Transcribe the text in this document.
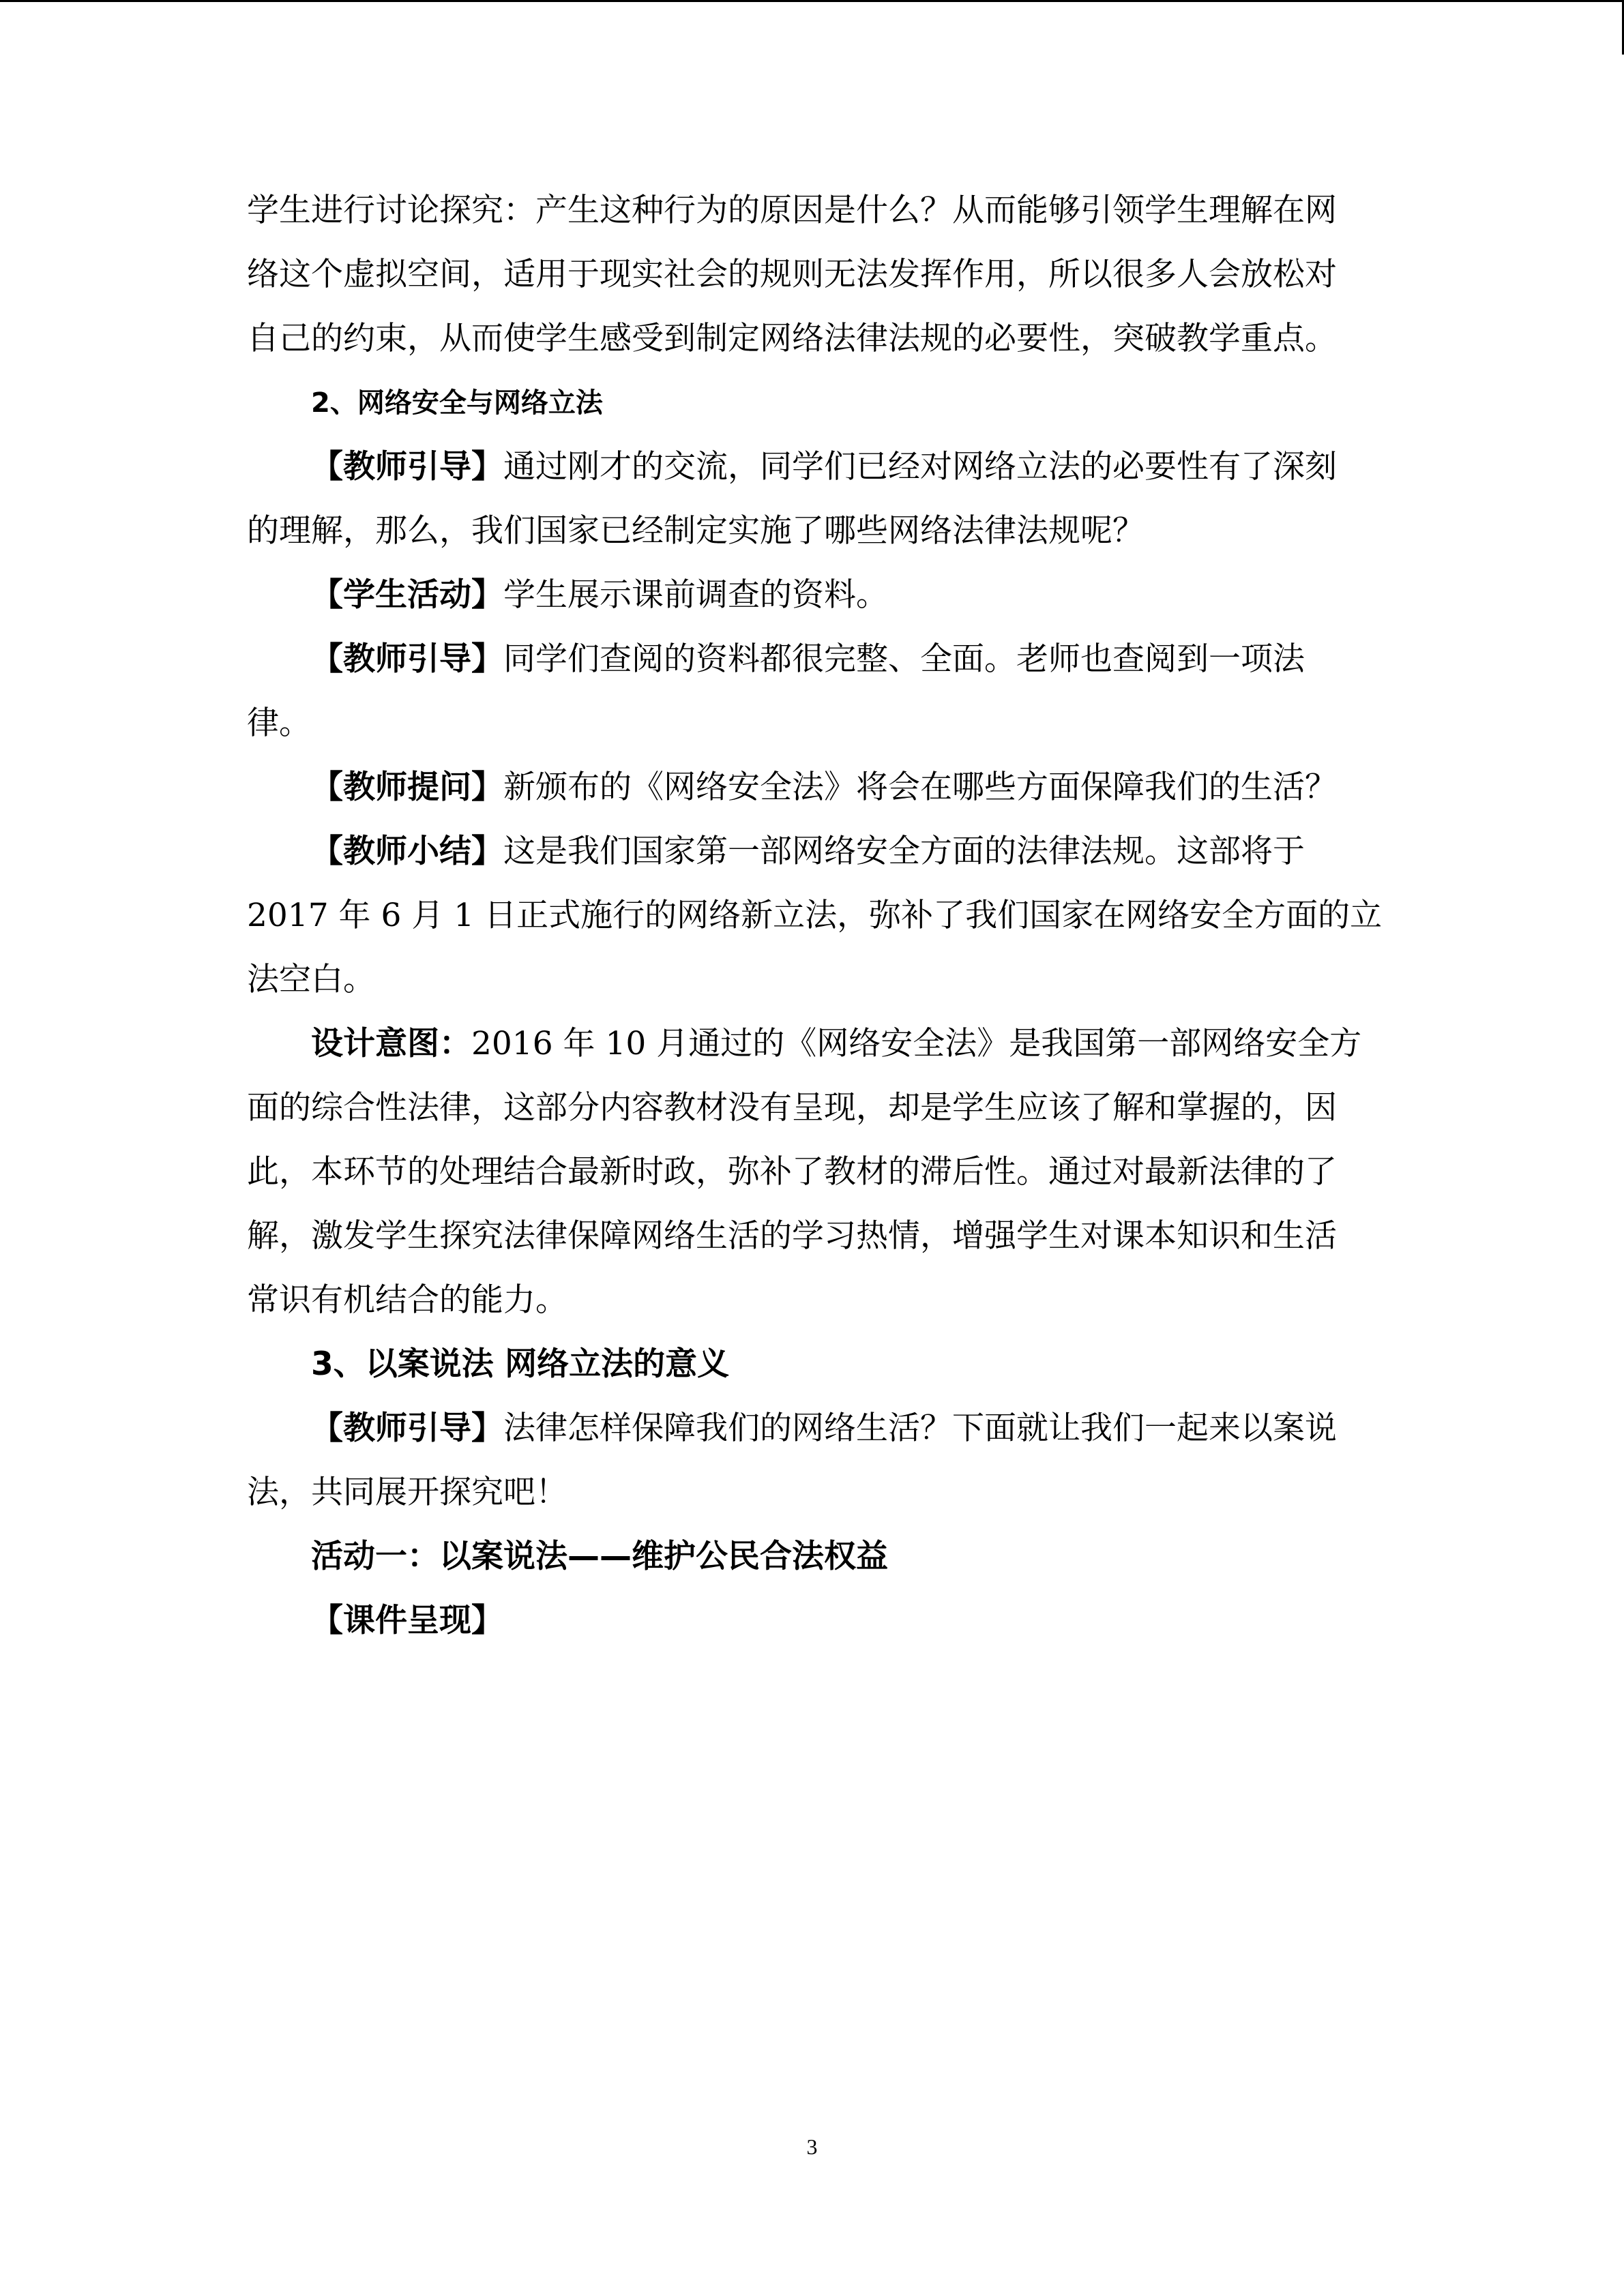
学生进行讨论探究：产生这种行为的原因是什么？从而能够引领学生理解在网

络这个虚拟空间，适用于现实社会的规则无法发挥作用，所以很多人会放松对

自己的约束，从而使学生感受到制定网络法律法规的必要性，突破教学重点。

2、网络安全与网络立法

【教师引导】通过刚才的交流，同学们已经对网络立法的必要性有了深刻

的理解，那么，我们国家已经制定实施了哪些网络法律法规呢？

【学生活动】学生展示课前调查的资料。

【教师引导】同学们查阅的资料都很完整、全面。老师也查阅到一项法

律。

【教师提问】新颁布的《网络安全法》将会在哪些方面保障我们的生活？

【教师小结】这是我们国家第一部网络安全方面的法律法规。这部将于

2017 年 6 月 1 日正式施行的网络新立法，弥补了我们国家在网络安全方面的立

法空白。

设计意图：2016 年 10 月通过的《网络安全法》是我国第一部网络安全方

面的综合性法律，这部分内容教材没有呈现，却是学生应该了解和掌握的，因

此，本环节的处理结合最新时政，弥补了教材的滞后性。通过对最新法律的了

解，激发学生探究法律保障网络生活的学习热情，增强学生对课本知识和生活

常识有机结合的能力。

3、以案说法 网络立法的意义

【教师引导】法律怎样保障我们的网络生活？下面就让我们一起来以案说

法，共同展开探究吧！

活动一：以案说法——维护公民合法权益

【课件呈现】

3
